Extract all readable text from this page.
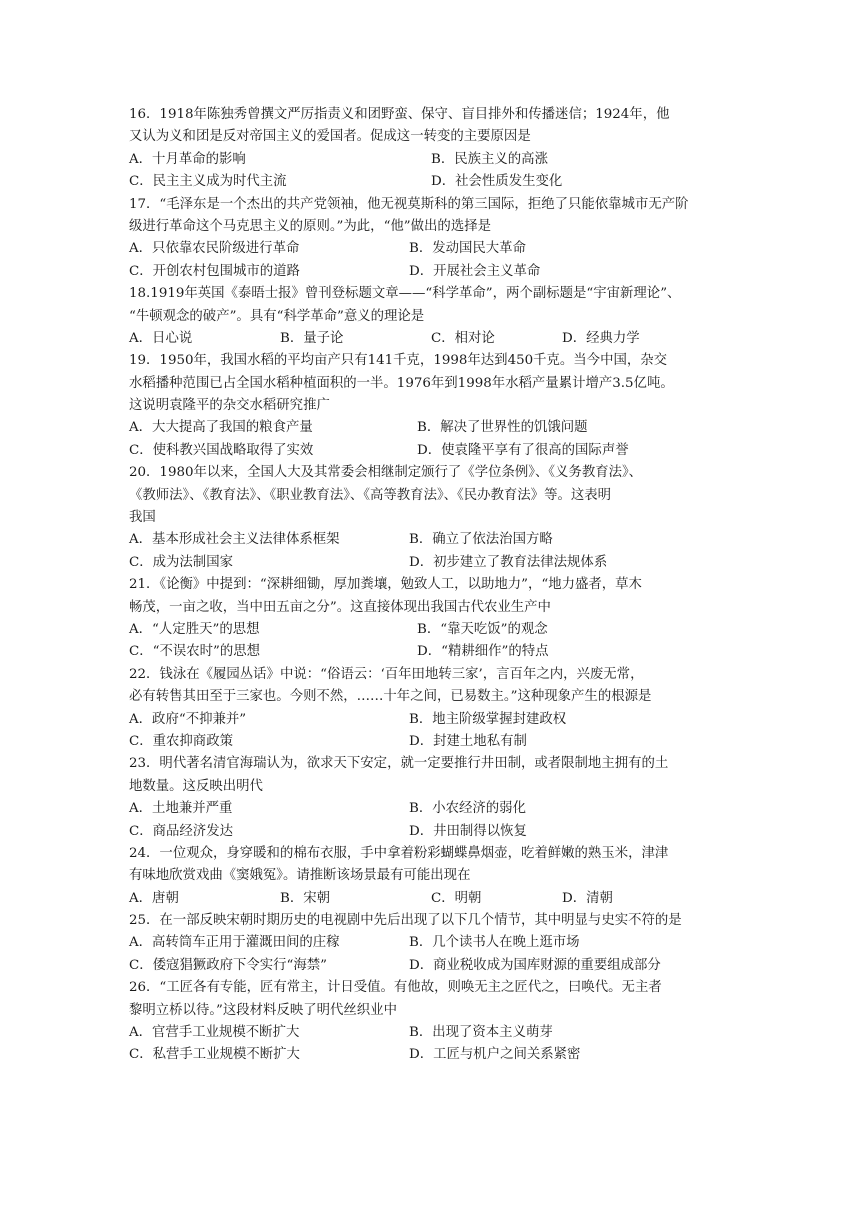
16．1918年陈独秀曾撰文严厉指责义和团野蛮、保守、盲目排外和传播迷信；1924年，他
又认为义和团是反对帝国主义的爱国者。促成这一转变的主要原因是
A．十月革命的影响	B．民族主义的高涨
C．民主主义成为时代主流	D．社会性质发生变化
17．“毛泽东是一个杰出的共产党领袖，他无视莫斯科的第三国际，拒绝了只能依靠城市无产阶
级进行革命这个马克思主义的原则。”为此，“他”做出的选择是
A．只依靠农民阶级进行革命	B．发动国民大革命
C．开创农村包围城市的道路	D．开展社会主义革命
18.1919年英国《泰晤士报》曾刊登标题文章——“科学革命”，两个副标题是“宇宙新理论”、
“牛顿观念的破产”。具有“科学革命”意义的理论是
A．日心说	B．量子论	C．相对论	D．经典力学
19．1950年，我国水稻的平均亩产只有141千克，1998年达到450千克。当今中国，杂交
水稻播种范围已占全国水稻种植面积的一半。1976年到1998年水稻产量累计增产3.5亿吨。
这说明袁隆平的杂交水稻研究推广
A．大大提高了我国的粮食产量	B．解决了世界性的饥饿问题
C．使科教兴国战略取得了实效	D．使袁隆平享有了很高的国际声誉
20．1980年以来，全国人大及其常委会相继制定颁行了《学位条例》、《义务教育法》、
《教师法》、《教育法》、《职业教育法》、《高等教育法》、《民办教育法》等。这表明
我国
A．基本形成社会主义法律体系框架	B．确立了依法治国方略
C．成为法制国家	D．初步建立了教育法律法规体系
21．《论衡》中提到：“深耕细锄，厚加粪壤，勉致人工，以助地力”，“地力盛者，草木
畅茂，一亩之收，当中田五亩之分”。这直接体现出我国古代农业生产中
A．“人定胜天”的思想	B．“靠天吃饭”的观念
C．“不误农时”的思想	D．“精耕细作”的特点
22．钱泳在《履园丛话》中说：“俗语云：‘百年田地转三家’，言百年之内，兴废无常，
必有转售其田至于三家也。今则不然，……十年之间，已易数主。”这种现象产生的根源是
A．政府“不抑兼并”	B．地主阶级掌握封建政权
C．重农抑商政策	D．封建土地私有制
23．明代著名清官海瑞认为，欲求天下安定，就一定要推行井田制，或者限制地主拥有的土
地数量。这反映出明代
A．土地兼并严重	B．小农经济的弱化
C．商品经济发达	D．井田制得以恢复
24．一位观众，身穿暖和的棉布衣服，手中拿着粉彩蝴蝶鼻烟壶，吃着鲜嫩的熟玉米，津津
有味地欣赏戏曲《窦娥冤》。请推断该场景最有可能出现在
A．唐朝	B．宋朝	C．明朝	D．清朝
25．在一部反映宋朝时期历史的电视剧中先后出现了以下几个情节，其中明显与史实不符的是
A．高转筒车正用于灌溉田间的庄稼	B．几个读书人在晚上逛市场
C．倭寇猖獗政府下令实行“海禁”	D．商业税收成为国库财源的重要组成部分
26．“工匠各有专能，匠有常主，计日受值。有他故，则唤无主之匠代之，曰唤代。无主者
黎明立桥以待。”这段材料反映了明代丝织业中
A．官营手工业规模不断扩大	B．出现了资本主义萌芽
C．私营手工业规模不断扩大	D．工匠与机户之间关系紧密
